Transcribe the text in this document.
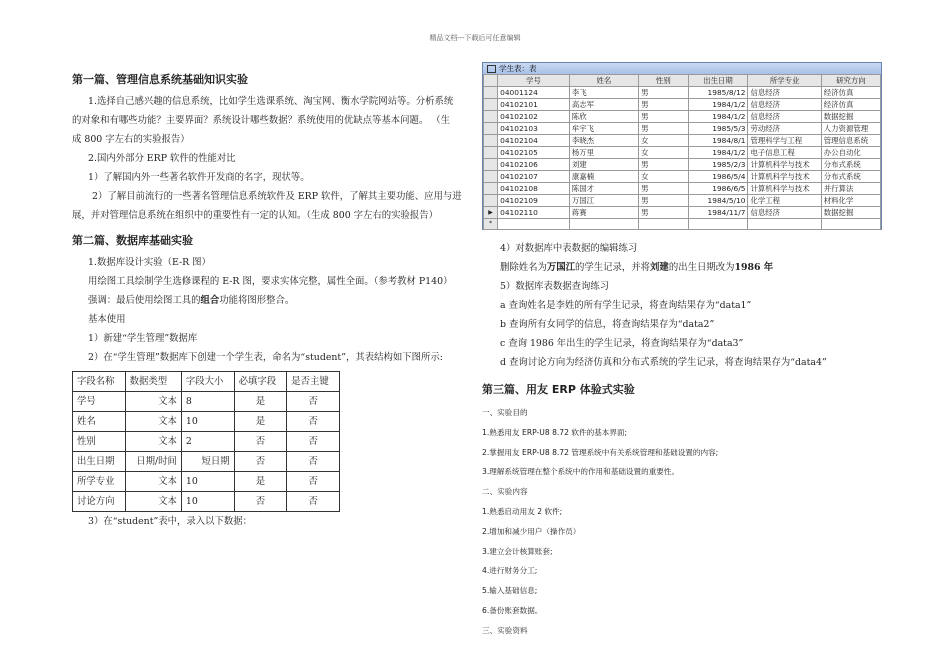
精品文档---下载后可任意编辑

第一篇、管理信息系统基础知识实验

1.选择自己感兴趣的信息系统，比如学生选课系统、淘宝网、衡水学院网站等。分析系统

的对象和有哪些功能？主要界面？系统设计哪些数据？系统使用的优缺点等基本问题。 （生

成 800 字左右的实验报告）

2.国内外部分 ERP 软件的性能对比

1）了解国内外一些著名软件开发商的名字，现状等。

2）了解目前流行的一些著名管理信息系统软件及 ERP 软件，了解其主要功能、应用与进

展，并对管理信息系统在组织中的重要性有一定的认知。（生成 800 字左右的实验报告）

第二篇、数据库基础实验

1.数据库设计实验（E-R 图）

用绘图工具绘制学生选修课程的 E-R 图，要求实体完整，属性全面。（参考教材 P140）

强调：最后使用绘图工具的组合功能将图形整合。

基本使用

1）新建“学生管理”数据库

2）在“学生管理”数据库下创建一个学生表，命名为“student”，其表结构如下图所示:

字段名称	数据类型	字段大小	必填字段	是否主键
学号	文本	8	是	否
姓名	文本	10	是	否
性别	文本	2	否	否
出生日期	日期/时间	短日期	否	否
所学专业	文本	10	是	否
讨论方向	文本	10	否	否

3）在“student”表中，录入以下数据：

学生表：表
	学号	姓名	性别	出生日期	所学专业	研究方向
	04001124	李飞	男	1985/8/12	信息经济	经济仿真
	04102101	高志军	男	1984/1/2	信息经济	经济仿真
	04102102	陈欣	男	1984/1/2	信息经济	数据挖掘
	04102103	牟宇飞	男	1985/5/3	劳动经济	人力资源管理
	04102104	李晓杰	女	1984/8/1	管理科学与工程	管理信息系统
	04102105	杨万里	女	1984/1/2	电子信息工程	办公自动化
	04102106	刘建	男	1985/2/3	计算机科学与技术	分布式系统
	04102107	康嘉楠	女	1986/5/4	计算机科学与技术	分布式系统
	04102108	陈国才	男	1986/6/5	计算机科学与技术	并行算法
	04102109	万国江	男	1984/5/10	化学工程	材料化学
▶	04102110	蒋赛	男	1984/11/7	信息经济	数据挖掘
*						

4）对数据库中表数据的编辑练习

删除姓名为万国江的学生记录，并将刘建的出生日期改为1986 年

5）数据库表数据查询练习

a 查询姓名是李姓的所有学生记录，将查询结果存为“data1”

b 查询所有女同学的信息，将查询结果存为“data2”

c 查询 1986 年出生的学生记录，将查询结果存为“data3”

d 查询讨论方向为经济仿真和分布式系统的学生记录，将查询结果存为“data4”

第三篇、用友 ERP 体验式实验

一、实验目的

1.熟悉用友 ERP-U8 8.72 软件的基本界面;

2.掌握用友 ERP-U8 8.72 管理系统中有关系统管理和基础设置的内容;

3.理解系统管理在整个系统中的作用和基础设置的重要性。

二、实验内容

1.熟悉启动用友 2 软件;

2.增加和减少用户（操作员）

3.建立会计核算账套;

4.进行财务分工;

5.输入基础信息;

6.备份账套数据。

三、实验资料
